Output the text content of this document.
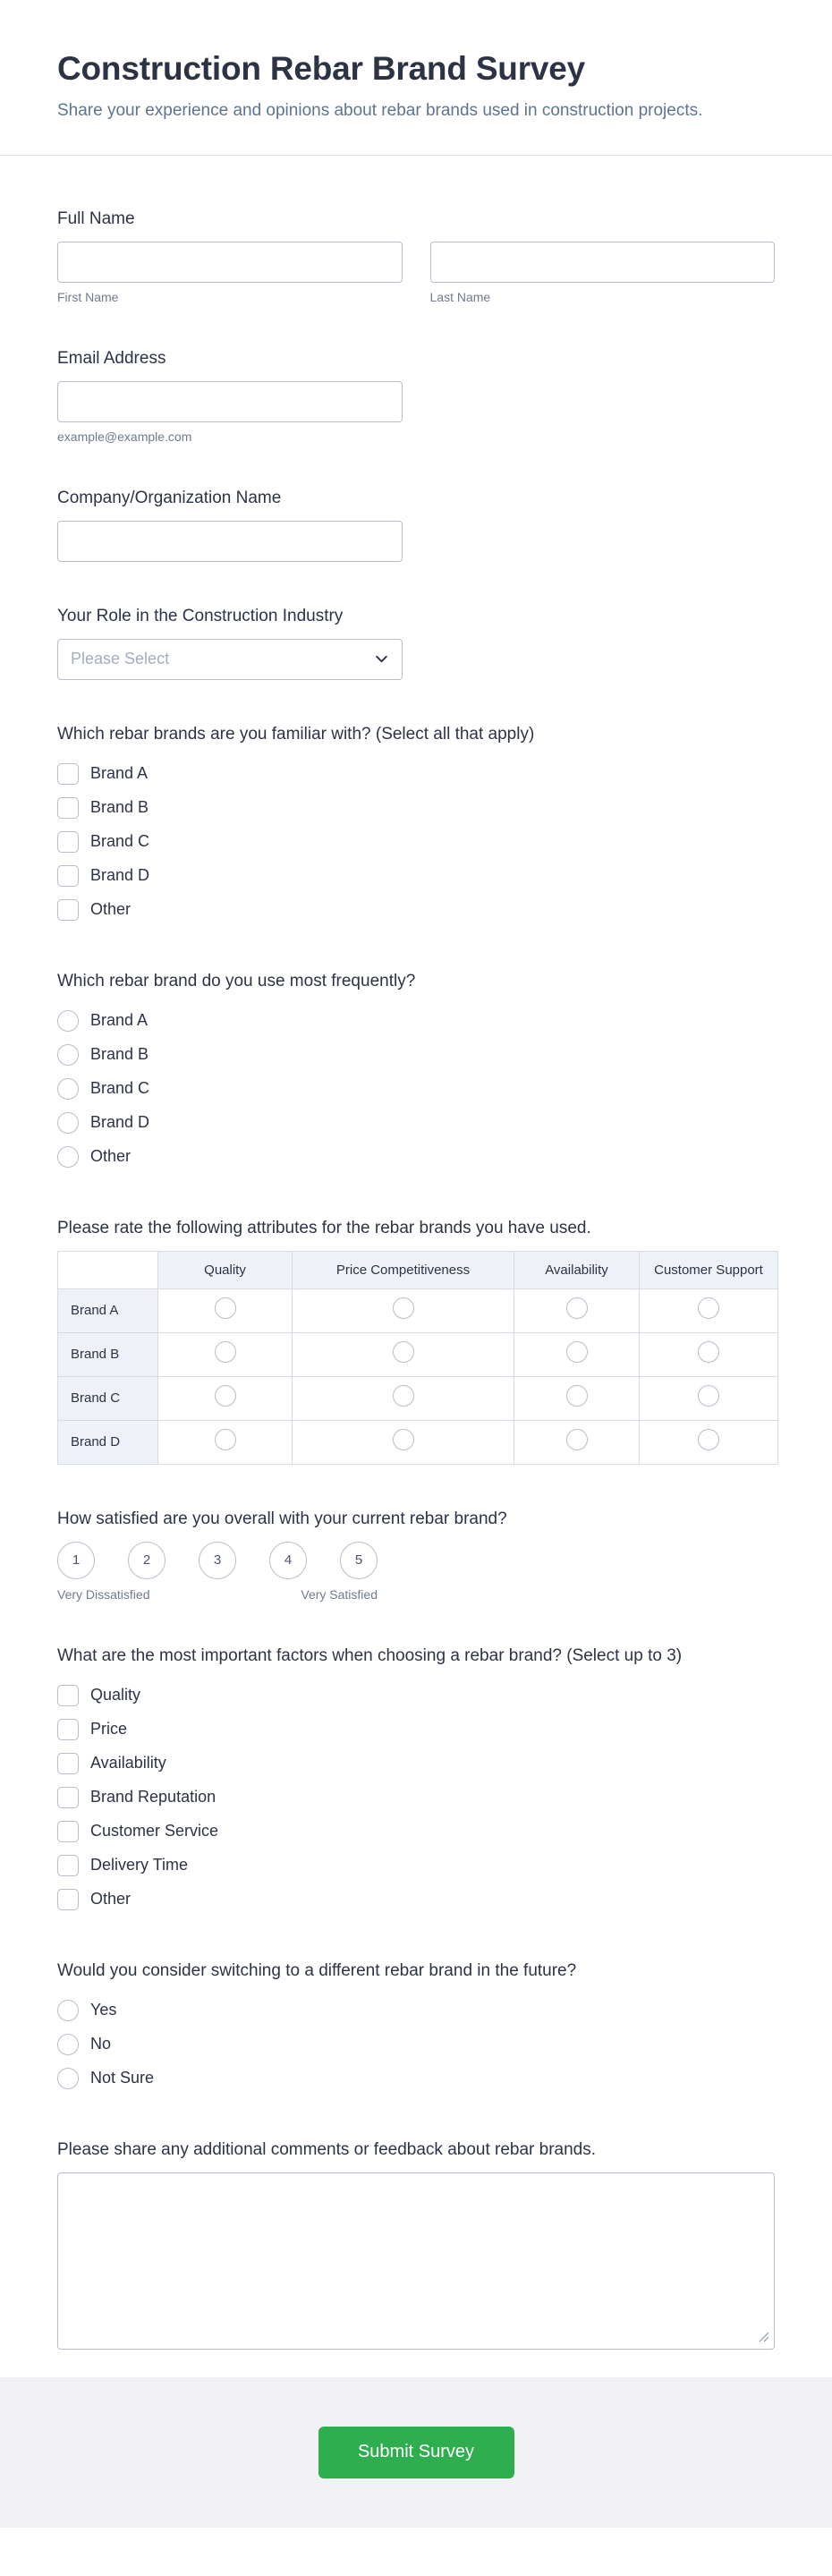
Construction Rebar Brand Survey

Share your experience and opinions about rebar brands used in construction projects.

Full Name
First Name	Last Name
Email Address
example@example.com
Company/Organization Name
Your Role in the Construction Industry
Please Select
Which rebar brands are you familiar with? (Select all that apply)
Brand A
Brand B
Brand C
Brand D
Other
Which rebar brand do you use most frequently?
Brand A
Brand B
Brand C
Brand D
Other
Please rate the following attributes for the rebar brands you have used.
	Quality	Price Competitiveness	Availability	Customer Support
Brand A				
Brand B				
Brand C				
Brand D				
How satisfied are you overall with your current rebar brand?
1	2	3	4	5
Very Dissatisfied	Very Satisfied
What are the most important factors when choosing a rebar brand? (Select up to 3)
Quality
Price
Availability
Brand Reputation
Customer Service
Delivery Time
Other
Would you consider switching to a different rebar brand in the future?
Yes
No
Not Sure
Please share any additional comments or feedback about rebar brands.
Submit Survey
